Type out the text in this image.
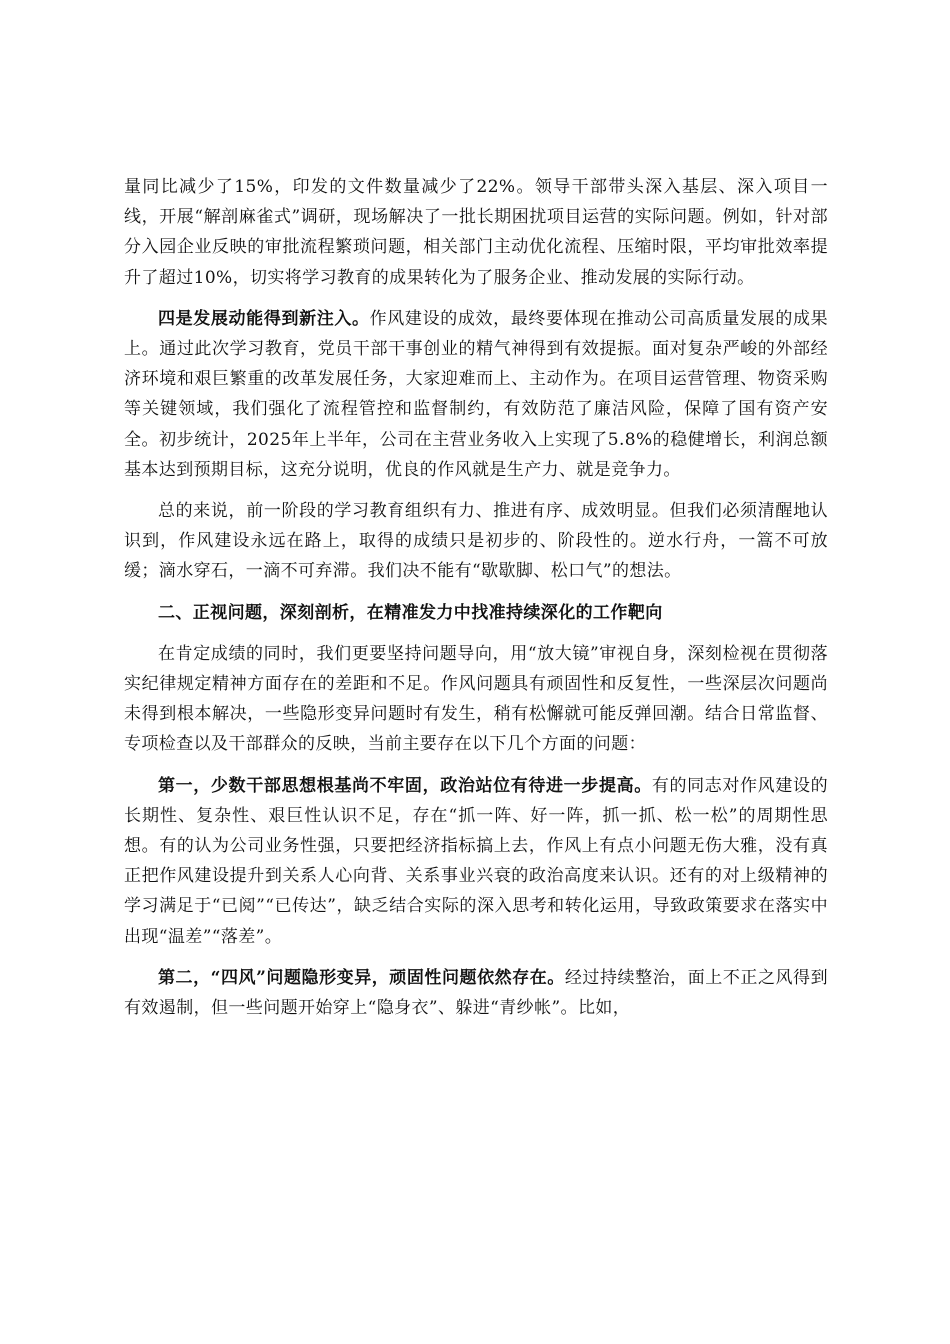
量同比减少了15%，印发的文件数量减少了22%。领导干部带头深入基层、深入项目一线，开展“解剖麻雀式”调研，现场解决了一批长期困扰项目运营的实际问题。例如，针对部分入园企业反映的审批流程繁琐问题，相关部门主动优化流程、压缩时限，平均审批效率提升了超过10%，切实将学习教育的成果转化为了服务企业、推动发展的实际行动。

四是发展动能得到新注入。作风建设的成效，最终要体现在推动公司高质量发展的成果上。通过此次学习教育，党员干部干事创业的精气神得到有效提振。面对复杂严峻的外部经济环境和艰巨繁重的改革发展任务，大家迎难而上、主动作为。在项目运营管理、物资采购等关键领域，我们强化了流程管控和监督制约，有效防范了廉洁风险，保障了国有资产安全。初步统计，2025年上半年，公司在主营业务收入上实现了5.8%的稳健增长，利润总额基本达到预期目标，这充分说明，优良的作风就是生产力、就是竞争力。

总的来说，前一阶段的学习教育组织有力、推进有序、成效明显。但我们必须清醒地认识到，作风建设永远在路上，取得的成绩只是初步的、阶段性的。逆水行舟，一篙不可放缓；滴水穿石，一滴不可弃滞。我们决不能有“歇歇脚、松口气”的想法。

二、正视问题，深刻剖析，在精准发力中找准持续深化的工作靶向

在肯定成绩的同时，我们更要坚持问题导向，用“放大镜”审视自身，深刻检视在贯彻落实纪律规定精神方面存在的差距和不足。作风问题具有顽固性和反复性，一些深层次问题尚未得到根本解决，一些隐形变异问题时有发生，稍有松懈就可能反弹回潮。结合日常监督、专项检查以及干部群众的反映，当前主要存在以下几个方面的问题：

第一，少数干部思想根基尚不牢固，政治站位有待进一步提高。有的同志对作风建设的长期性、复杂性、艰巨性认识不足，存在“抓一阵、好一阵，抓一抓、松一松”的周期性思想。有的认为公司业务性强，只要把经济指标搞上去，作风上有点小问题无伤大雅，没有真正把作风建设提升到关系人心向背、关系事业兴衰的政治高度来认识。还有的对上级精神的学习满足于“已阅”“已传达”，缺乏结合实际的深入思考和转化运用，导致政策要求在落实中出现“温差”“落差”。

第二，“四风”问题隐形变异，顽固性问题依然存在。经过持续整治，面上不正之风得到有效遏制，但一些问题开始穿上“隐身衣”、躲进“青纱帐”。比如，
